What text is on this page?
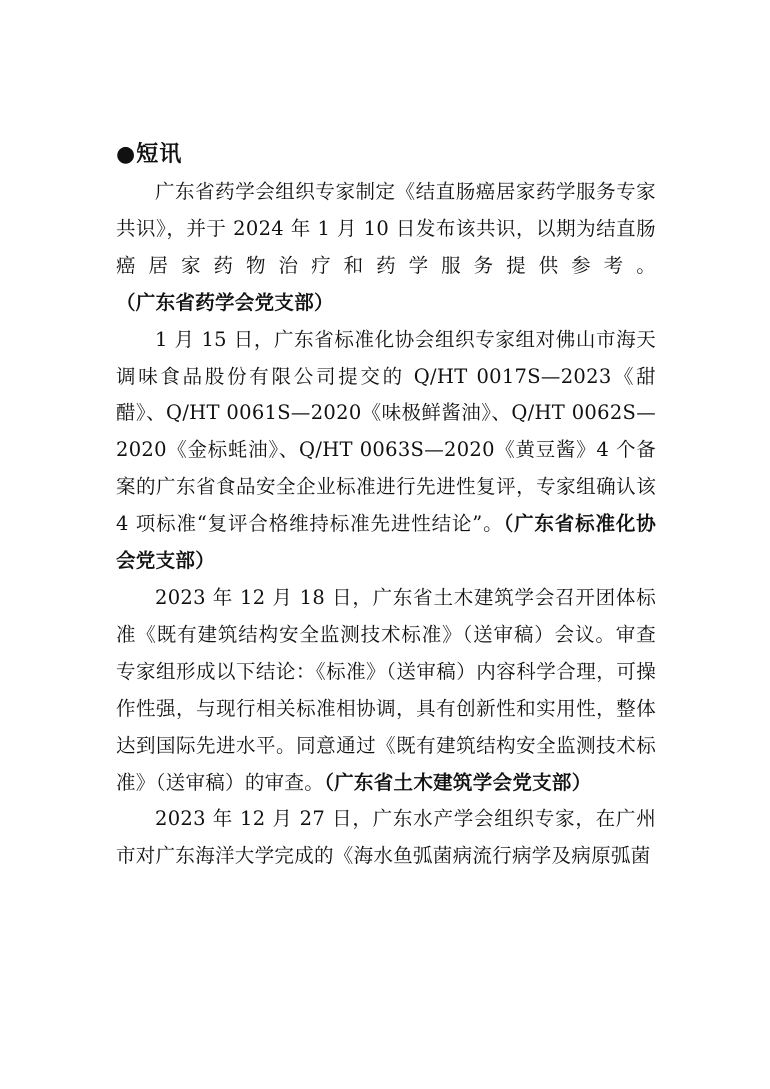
●短讯

广东省药学会组织专家制定《结直肠癌居家药学服务专家共识》，并于 2024 年 1 月 10 日发布该共识，以期为结直肠癌居家药物治疗和药学服务提供参考。（广东省药学会党支部）

1 月 15 日，广东省标准化协会组织专家组对佛山市海天调味食品股份有限公司提交的 Q/HT 0017S—2023《甜醋》、Q/HT 0061S—2020《味极鲜酱油》、Q/HT 0062S—2020《金标蚝油》、Q/HT 0063S—2020《黄豆酱》4 个备案的广东省食品安全企业标准进行先进性复评，专家组确认该 4 项标准“复评合格维持标准先进性结论”。（广东省标准化协会党支部）

2023 年 12 月 18 日，广东省土木建筑学会召开团体标准《既有建筑结构安全监测技术标准》（送审稿）会议。审查专家组形成以下结论：《标准》（送审稿）内容科学合理，可操作性强，与现行相关标准相协调，具有创新性和实用性，整体达到国际先进水平。同意通过《既有建筑结构安全监测技术标准》（送审稿）的审查。（广东省土木建筑学会党支部）

2023 年 12 月 27 日，广东水产学会组织专家，在广州市对广东海洋大学完成的《海水鱼弧菌病流行病学及病原弧菌
